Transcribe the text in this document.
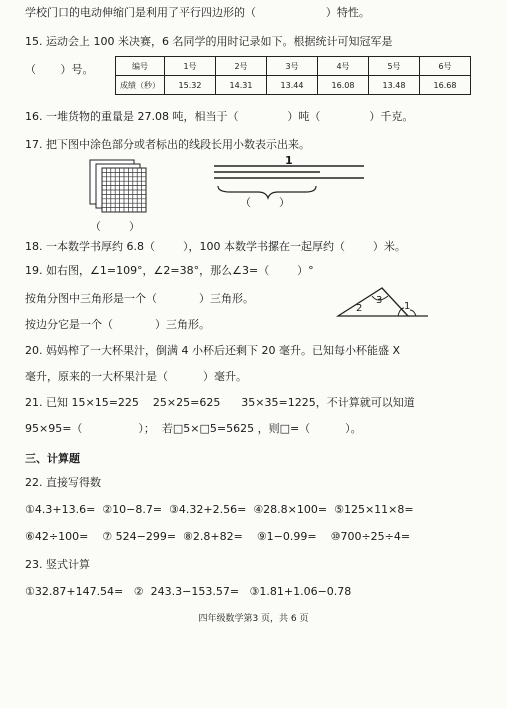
学校门口的电动伸缩门是利用了平行四边形的（                    ）特性。
15. 运动会上 100 米决赛，6 名同学的用时记录如下。根据统计可知冠军是
（       ）号。	编号	1号	2号	3号	4号	5号	6号
成绩（秒）	15.32	14.31	13.44	16.08	13.48	16.68
16. 一堆货物的重量是 27.08 吨，相当于（              ）吨（              ）千克。
17. 把下图中涂色部分或者标出的线段长用小数表示出来。
（        ）
1
（        ）
18. 一本数学书厚约 6.8（        ），100 本数学书摞在一起厚约（        ）米。
19. 如右图，∠1=109°，∠2=38°，那么∠3=（        ）°
按角分图中三角形是一个（            ）三角形。
按边分它是一个（            ）三角形。
2
3
1
20. 妈妈榨了一大杯果汁，倒满 4 小杯后还剩下 20 毫升。已知每小杯能盛 X
毫升，原来的一大杯果汁是（          ）毫升。
21. 已知 15×15=225    25×25=625      35×35=1225，不计算就可以知道
95×95=（                ）；  若□5×□5=5625 ，则□=（          ）。
三、计算题
22. 直接写得数
①4.3+13.6=  ②10−8.7=  ③4.32+2.56=  ④28.8×100=  ⑤125×11×8=
⑥42÷100=    ⑦ 524−299=  ⑧2.8+82=    ⑨1−0.99=    ⑩700÷25÷4=
23. 竖式计算
①32.87+147.54=   ②  243.3−153.57=   ③1.81+1.06−0.78
四年级数学第3 页，共 6 页
